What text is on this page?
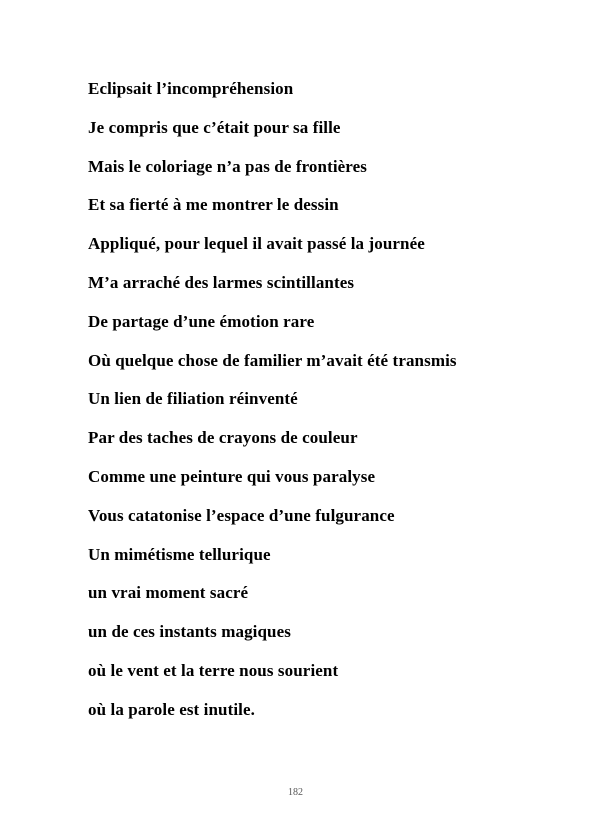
Eclipsait l’incompréhension
Je compris que c’était pour sa fille
Mais le coloriage n’a pas de frontières
Et sa fierté à me montrer le dessin
Appliqué, pour lequel il avait passé la journée
M’a arraché des larmes scintillantes
De partage d’une émotion rare
Où quelque chose de familier m’avait été transmis
Un lien de filiation réinventé
Par des taches de crayons de couleur
Comme une peinture qui vous paralyse
Vous catatonise l’espace d’une fulgurance
Un mimétisme tellurique
un vrai moment sacré
un de ces instants magiques
où le vent et la terre nous sourient
où la parole est inutile.
182
